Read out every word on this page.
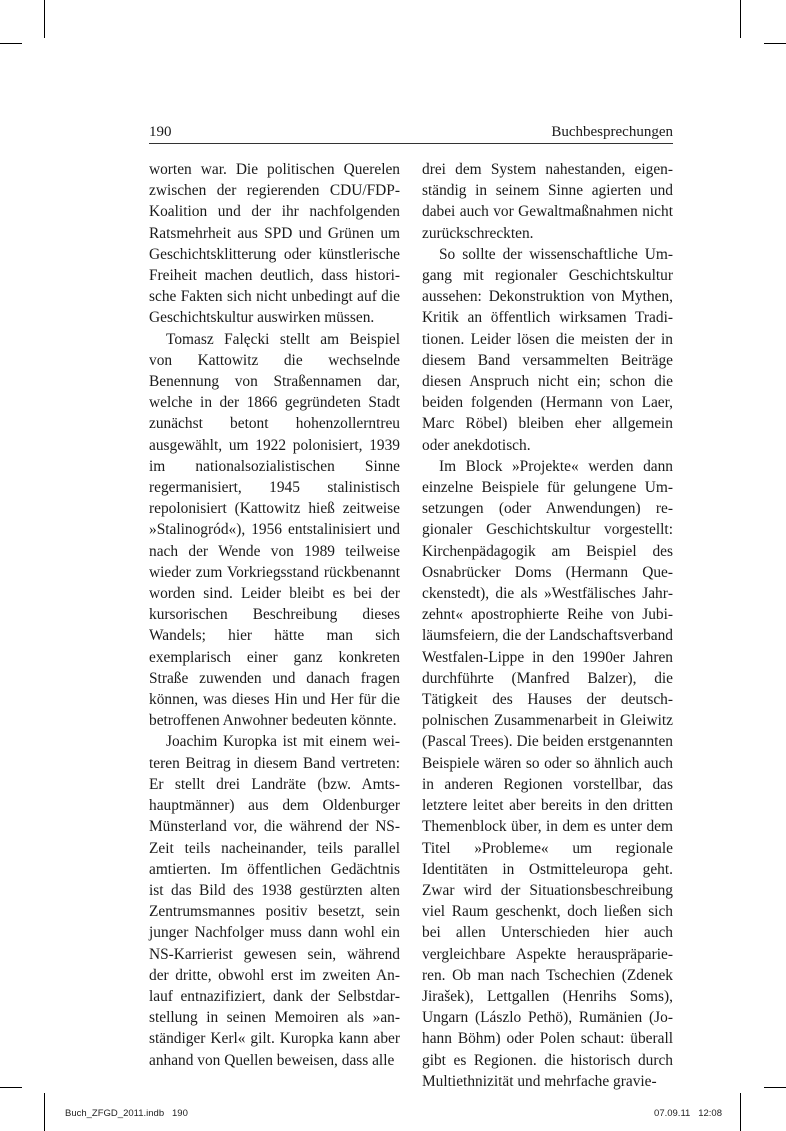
190	Buchbesprechungen

worten war. Die politischen Querelen zwischen der regierenden CDU/FDP-Koalition und der ihr nachfolgenden Ratsmehrheit aus SPD und Grünen um Geschichtsklitterung oder künstlerische Freiheit machen deutlich, dass historische Fakten sich nicht unbedingt auf die Geschichtskultur auswirken müssen.

Tomasz Falęcki stellt am Beispiel von Kattowitz die wechselnde Benennung von Straßennamen dar, welche in der 1866 gegründeten Stadt zunächst betont hohenzollerntreu ausgewählt, um 1922 polonisiert, 1939 im nationalsozialistischen Sinne regermanisiert, 1945 stalinistisch repolonisiert (Kattowitz hieß zeitweise »Stalinogród«), 1956 entstalinisiert und nach der Wende von 1989 teilweise wieder zum Vorkriegsstand rückbenannt worden sind. Leider bleibt es bei der kursorischen Beschreibung dieses Wandels; hier hätte man sich exemplarisch einer ganz konkreten Straße zuwenden und danach fragen können, was dieses Hin und Her für die betroffenen Anwohner bedeuten könnte.

Joachim Kuropka ist mit einem weiteren Beitrag in diesem Band vertreten: Er stellt drei Landräte (bzw. Amtshauptmänner) aus dem Oldenburger Münsterland vor, die während der NS-Zeit teils nacheinander, teils parallel amtierten. Im öffentlichen Gedächtnis ist das Bild des 1938 gestürzten alten Zentrumsmannes positiv besetzt, sein junger Nachfolger muss dann wohl ein NS-Karrierist gewesen sein, während der dritte, obwohl erst im zweiten Anlauf entnazifiziert, dank der Selbstdarstellung in seinen Memoiren als »anständiger Kerl« gilt. Kuropka kann aber anhand von Quellen beweisen, dass alle

drei dem System nahestanden, eigenständig in seinem Sinne agierten und dabei auch vor Gewaltmaßnahmen nicht zurückschreckten.

So sollte der wissenschaftliche Umgang mit regionaler Geschichtskultur aussehen: Dekonstruktion von Mythen, Kritik an öffentlich wirksamen Traditionen. Leider lösen die meisten der in diesem Band versammelten Beiträge diesen Anspruch nicht ein; schon die beiden folgenden (Hermann von Laer, Marc Röbel) bleiben eher allgemein oder anekdotisch.

Im Block »Projekte« werden dann einzelne Beispiele für gelungene Umsetzungen (oder Anwendungen) regionaler Geschichtskultur vorgestellt: Kirchenpädagogik am Beispiel des Osnabrücker Doms (Hermann Queckenstedt), die als »Westfälisches Jahrzehnt« apostrophierte Reihe von Jubiläumsfeiern, die der Landschaftsverband Westfalen-Lippe in den 1990er Jahren durchführte (Manfred Balzer), die Tätigkeit des Hauses der deutsch-polnischen Zusammenarbeit in Gleiwitz (Pascal Trees). Die beiden erstgenannten Beispiele wären so oder so ähnlich auch in anderen Regionen vorstellbar, das letztere leitet aber bereits in den dritten Themenblock über, in dem es unter dem Titel »Probleme« um regionale Identitäten in Ostmitteleuropa geht. Zwar wird der Situationsbeschreibung viel Raum geschenkt, doch ließen sich bei allen Unterschieden hier auch vergleichbare Aspekte herauspräparieren. Ob man nach Tschechien (Zdenek Jirašek), Lettgallen (Henrihs Soms), Ungarn (Lászlo Pethö), Rumänien (Johann Böhm) oder Polen schaut: überall gibt es Regionen. die historisch durch Multiethnizität und mehrfache gravie-

Buch_ZFGD_2011.indb   190	07.09.11   12:08
